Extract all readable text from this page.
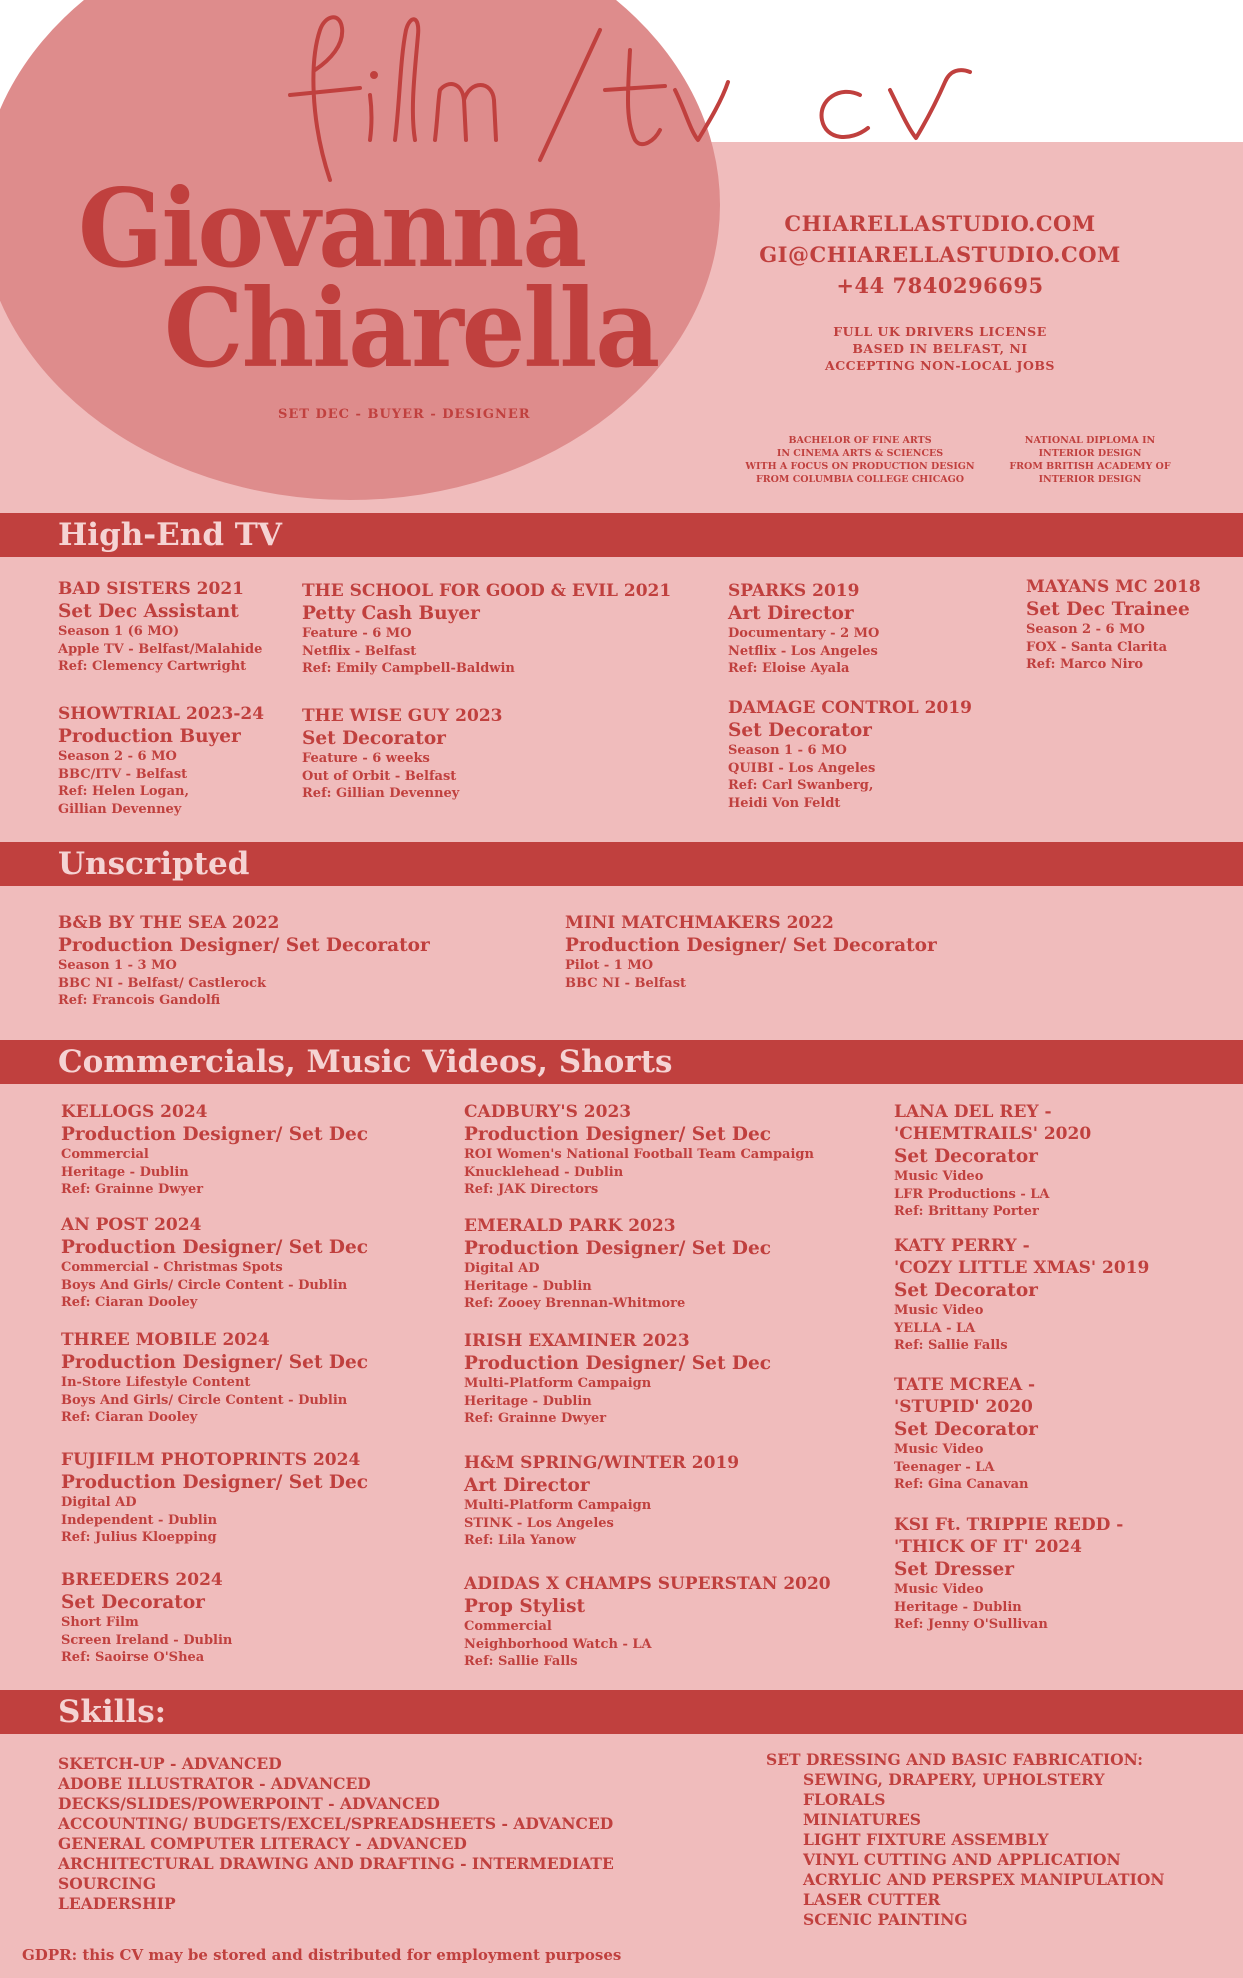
Giovanna
Chiarella
SET DEC - BUYER - DESIGNER
CHIARELLASTUDIO.COM
GI@CHIARELLASTUDIO.COM
+44 7840296695
FULL UK DRIVERS LICENSE
BASED IN BELFAST, NI
ACCEPTING NON-LOCAL JOBS
BACHELOR OF FINE ARTS
IN CINEMA ARTS & SCIENCES
WITH A FOCUS ON PRODUCTION DESIGN
FROM COLUMBIA COLLEGE CHICAGO
NATIONAL DIPLOMA IN
INTERIOR DESIGN
FROM BRITISH ACADEMY OF
INTERIOR DESIGN
High-End TV
Unscripted
Commercials, Music Videos, Shorts
Skills:
BAD SISTERS 2021
Set Dec Assistant
Season 1 (6 MO)
Apple TV - Belfast/Malahide
Ref: Clemency Cartwright
THE SCHOOL FOR GOOD & EVIL 2021
Petty Cash Buyer
Feature - 6 MO
Netflix - Belfast
Ref: Emily Campbell-Baldwin
SPARKS 2019
Art Director
Documentary - 2 MO
Netflix - Los Angeles
Ref: Eloise Ayala
MAYANS MC 2018
Set Dec Trainee
Season 2 - 6 MO
FOX - Santa Clarita
Ref: Marco Niro
SHOWTRIAL 2023-24
Production Buyer
Season 2 - 6 MO
BBC/ITV - Belfast
Ref: Helen Logan,
Gillian Devenney
THE WISE GUY 2023
Set Decorator
Feature - 6 weeks
Out of Orbit - Belfast
Ref: Gillian Devenney
DAMAGE CONTROL 2019
Set Decorator
Season 1 - 6 MO
QUIBI - Los Angeles
Ref: Carl Swanberg,
Heidi Von Feldt
B&B BY THE SEA 2022
Production Designer/ Set Decorator
Season 1 - 3 MO
BBC NI - Belfast/ Castlerock
Ref: Francois Gandolfi
MINI MATCHMAKERS 2022
Production Designer/ Set Decorator
Pilot - 1 MO
BBC NI - Belfast
KELLOGS 2024
Production Designer/ Set Dec
Commercial
Heritage - Dublin
Ref: Grainne Dwyer
AN POST 2024
Production Designer/ Set Dec
Commercial - Christmas Spots
Boys And Girls/ Circle Content - Dublin
Ref: Ciaran Dooley
THREE MOBILE 2024
Production Designer/ Set Dec
In-Store Lifestyle Content
Boys And Girls/ Circle Content - Dublin
Ref: Ciaran Dooley
FUJIFILM PHOTOPRINTS 2024
Production Designer/ Set Dec
Digital AD
Independent - Dublin
Ref: Julius Kloepping
BREEDERS 2024
Set Decorator
Short Film
Screen Ireland - Dublin
Ref: Saoirse O'Shea
CADBURY'S 2023
Production Designer/ Set Dec
ROI Women's National Football Team Campaign
Knucklehead - Dublin
Ref: JAK Directors
EMERALD PARK 2023
Production Designer/ Set Dec
Digital AD
Heritage - Dublin
Ref: Zooey Brennan-Whitmore
IRISH EXAMINER 2023
Production Designer/ Set Dec
Multi-Platform Campaign
Heritage - Dublin
Ref: Grainne Dwyer
H&M SPRING/WINTER 2019
Art Director
Multi-Platform Campaign
STINK - Los Angeles
Ref: Lila Yanow
ADIDAS X CHAMPS SUPERSTAN 2020
Prop Stylist
Commercial
Neighborhood Watch - LA
Ref: Sallie Falls
LANA DEL REY -
'CHEMTRAILS' 2020
Set Decorator
Music Video
LFR Productions - LA
Ref: Brittany Porter
KATY PERRY -
'COZY LITTLE XMAS' 2019
Set Decorator
Music Video
YELLA - LA
Ref: Sallie Falls
TATE MCREA -
'STUPID' 2020
Set Decorator
Music Video
Teenager - LA
Ref: Gina Canavan
KSI Ft. TRIPPIE REDD -
'THICK OF IT' 2024
Set Dresser
Music Video
Heritage - Dublin
Ref: Jenny O'Sullivan
SKETCH-UP - ADVANCED
ADOBE ILLUSTRATOR - ADVANCED
DECKS/SLIDES/POWERPOINT - ADVANCED
ACCOUNTING/ BUDGETS/EXCEL/SPREADSHEETS - ADVANCED
GENERAL COMPUTER LITERACY - ADVANCED
ARCHITECTURAL DRAWING AND DRAFTING - INTERMEDIATE
SOURCING
LEADERSHIP
SET DRESSING AND BASIC FABRICATION:
SEWING, DRAPERY, UPHOLSTERY
FLORALS
MINIATURES
LIGHT FIXTURE ASSEMBLY
VINYL CUTTING AND APPLICATION
ACRYLIC AND PERSPEX MANIPULATION
LASER CUTTER
SCENIC PAINTING
GDPR: this CV may be stored and distributed for employment purposes
